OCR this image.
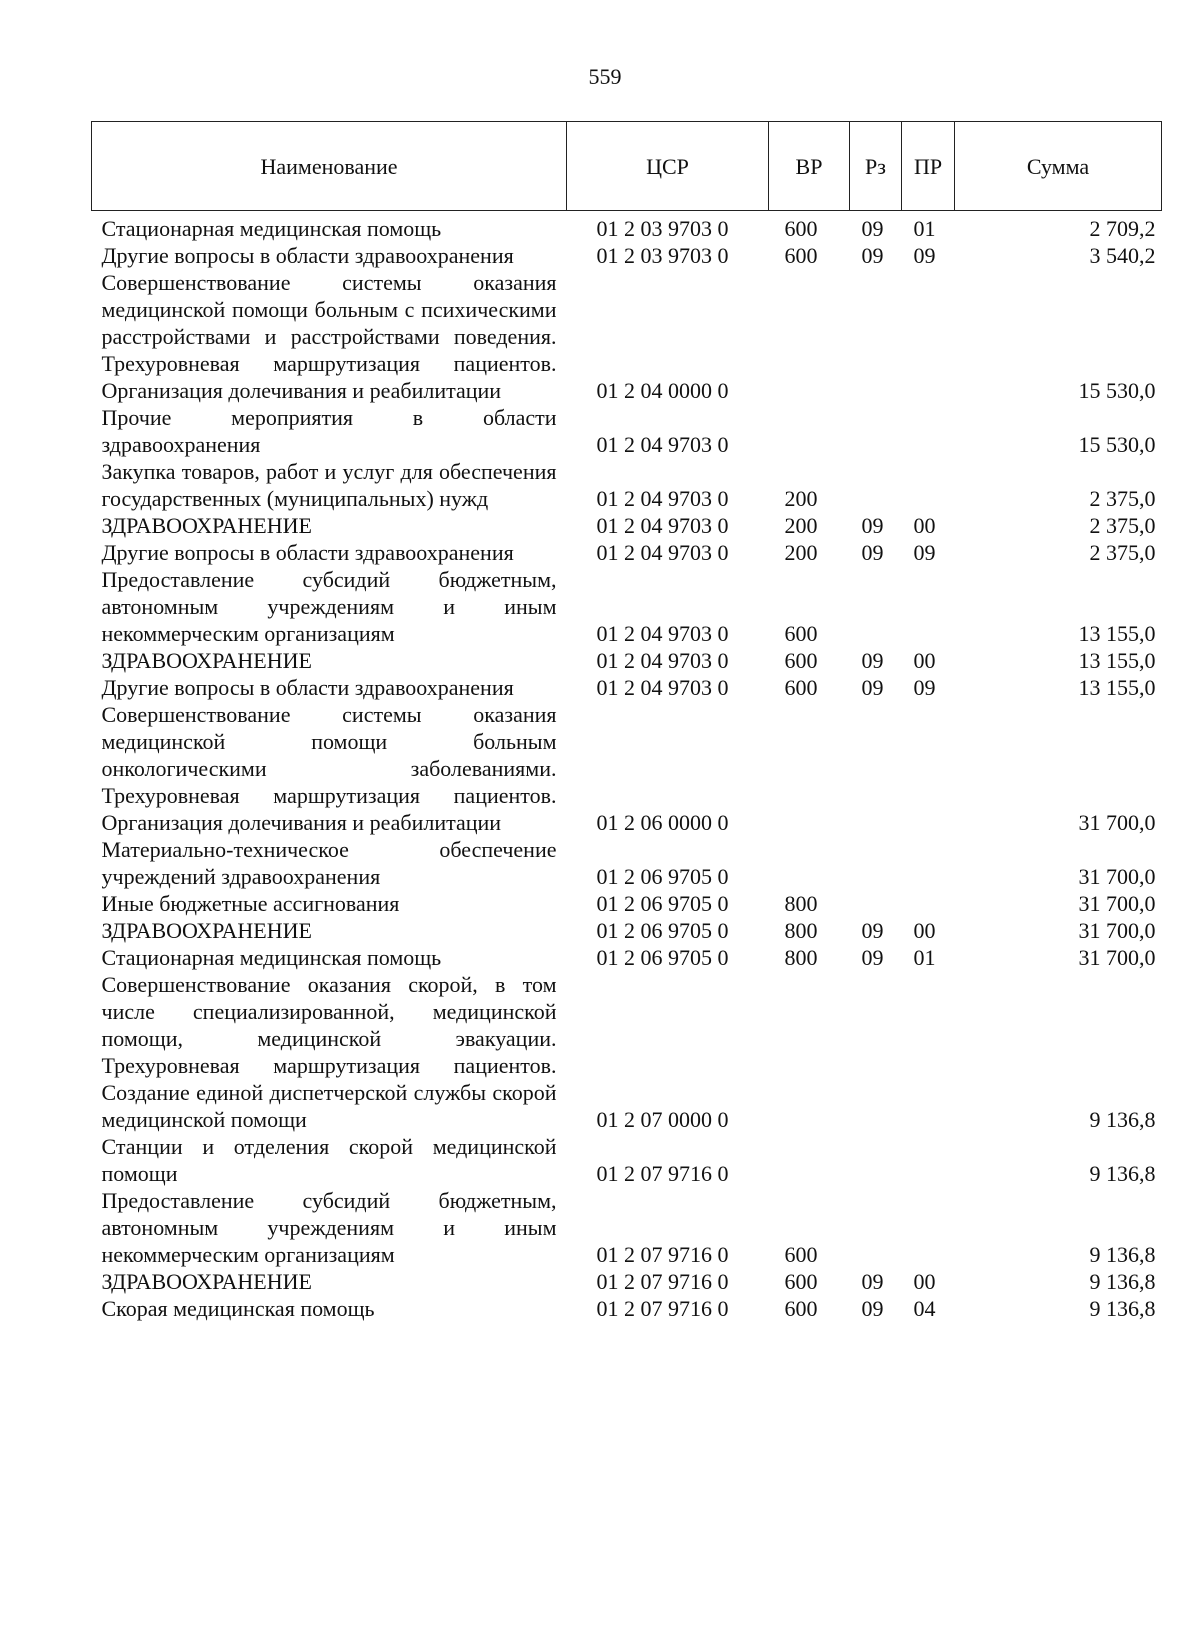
559
Наименование	ЦСР	ВР	Рз	ПР	Сумма
Стационарная медицинская помощь	01 2 03 9703 0	600	09	01	2 709,2
Другие вопросы в области здравоохранения	01 2 03 9703 0	600	09	09	3 540,2
Совершенствование системы оказания медицинской помощи больным с психическими расстройствами и расстройствами поведения. Трехуровневая маршрутизация пациентов. Организация долечивания и реабилитации	01 2 04 0000 0				15 530,0
Прочие мероприятия в области здравоохранения	01 2 04 9703 0				15 530,0
Закупка товаров, работ и услуг для обеспечения государственных (муниципальных) нужд	01 2 04 9703 0	200			2 375,0
ЗДРАВООХРАНЕНИЕ	01 2 04 9703 0	200	09	00	2 375,0
Другие вопросы в области здравоохранения	01 2 04 9703 0	200	09	09	2 375,0
Предоставление субсидий бюджетным, автономным учреждениям и иным некоммерческим организациям	01 2 04 9703 0	600			13 155,0
ЗДРАВООХРАНЕНИЕ	01 2 04 9703 0	600	09	00	13 155,0
Другие вопросы в области здравоохранения	01 2 04 9703 0	600	09	09	13 155,0
Совершенствование системы оказания медицинской помощи больным онкологическими заболеваниями. Трехуровневая маршрутизация пациентов. Организация долечивания и реабилитации	01 2 06 0000 0				31 700,0
Материально-техническое обеспечение учреждений здравоохранения	01 2 06 9705 0				31 700,0
Иные бюджетные ассигнования	01 2 06 9705 0	800			31 700,0
ЗДРАВООХРАНЕНИЕ	01 2 06 9705 0	800	09	00	31 700,0
Стационарная медицинская помощь	01 2 06 9705 0	800	09	01	31 700,0
Совершенствование оказания скорой, в том числе специализированной, медицинской помощи, медицинской эвакуации. Трехуровневая маршрутизация пациентов. Создание единой диспетчерской службы скорой медицинской помощи	01 2 07 0000 0				9 136,8
Станции и отделения скорой медицинской помощи	01 2 07 9716 0				9 136,8
Предоставление субсидий бюджетным, автономным учреждениям и иным некоммерческим организациям	01 2 07 9716 0	600			9 136,8
ЗДРАВООХРАНЕНИЕ	01 2 07 9716 0	600	09	00	9 136,8
Скорая медицинская помощь	01 2 07 9716 0	600	09	04	9 136,8
